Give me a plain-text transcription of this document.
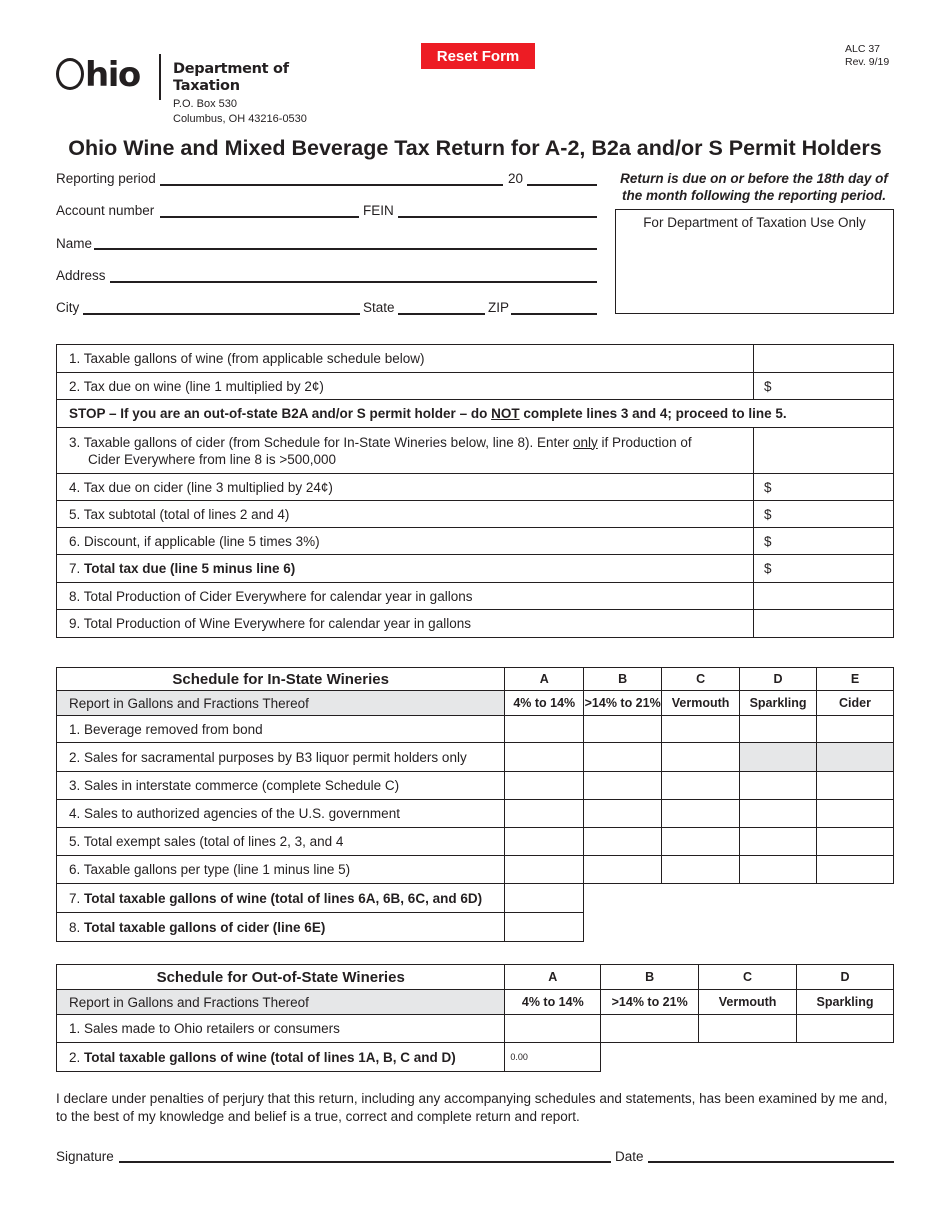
hio Department of
Taxation
P.O. Box 530
Columbus, OH 43216-0530
Reset Form	ALC 37
Rev. 9/19
Ohio Wine and Mixed Beverage Tax Return for A-2, B2a and/or S Permit Holders
Reporting period	20
Account number	FEIN
Name
Address
City	State	ZIP
Return is due on or before the 18th day of the month following the reporting period.
For Department of Taxation Use Only
1. Taxable gallons of wine (from applicable schedule below)	
2. Tax due on wine (line 1 multiplied by 2¢)	$
STOP – If you are an out-of-state B2A and/or S permit holder – do NOT complete lines 3 and 4; proceed to line 5.	
3. Taxable gallons of cider (from Schedule for In-State Wineries below, line 8). Enter only if Production of
Cider Everywhere from line 8 is >500,000	

4. Tax due on cider (line 3 multiplied by 24¢)	$
5. Tax subtotal (total of lines 2 and 4)	$
6. Discount, if applicable (line 5 times 3%)	$
7. Total tax due (line 5 minus line 6)	$
8. Total Production of Cider Everywhere for calendar year in gallons	
9. Total Production of Wine Everywhere for calendar year in gallons	
Schedule for In-State Wineries	A	B	C	D	E
Report in Gallons and Fractions Thereof	4% to 14%	>14% to 21%	Vermouth	Sparkling	Cider
1. Beverage removed from bond					
2. Sales for sacramental purposes by B3 liquor permit holders only					
3. Sales in interstate commerce (complete Schedule C)					
4. Sales to authorized agencies of the U.S. government					
5. Total exempt sales (total of lines 2, 3, and 4					
6. Taxable gallons per type (line 1 minus line 5)					
7. Total taxable gallons of wine (total of lines 6A, 6B, 6C, and 6D)					
8. Total taxable gallons of cider (line 6E)					
Schedule for Out-of-State Wineries	A	B	C	D
Report in Gallons and Fractions Thereof	4% to 14%	>14% to 21%	Vermouth	Sparkling
1. Sales made to Ohio retailers or consumers				
2. Total taxable gallons of wine (total of lines 1A, B, C and D)	0.00			
I declare under penalties of perjury that this return, including any accompanying schedules and statements, has been examined by me and, to the best of my knowledge and belief is a true, correct and complete return and report.
Signature	Date
